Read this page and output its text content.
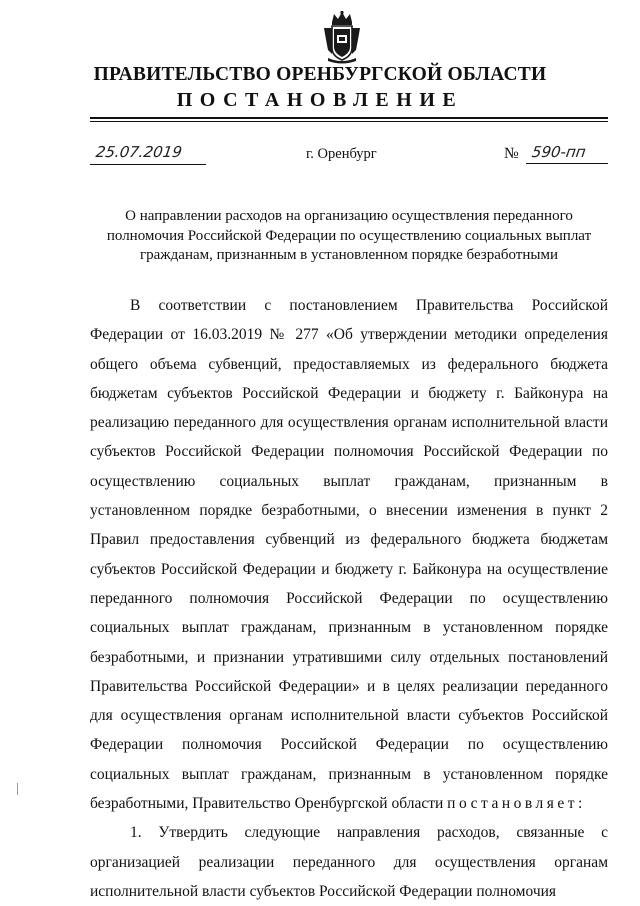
ПРАВИТЕЛЬСТВО ОРЕНБУРГСКОЙ ОБЛАСТИ
ПОСТАНОВЛЕНИЕ
25.07.2019	г. Оренбург	№ 590-пп

О направлении расходов на организацию осуществления переданного полномочия Российской Федерации по осуществлению социальных выплат гражданам, признанным в установленном порядке безработными

В соответствии с постановлением Правительства Российской Федерации от 16.03.2019 № 277 «Об утверждении методики определения общего объема субвенций, предоставляемых из федерального бюджета бюджетам субъектов Российской Федерации и бюджету г. Байконура на реализацию переданного для осуществления органам исполнительной власти субъектов Российской Федерации полномочия Российской Федерации по осуществлению социальных выплат гражданам, признанным в установленном порядке безработными, о внесении изменения в пункт 2 Правил предоставления субвенций из федерального бюджета бюджетам субъектов Российской Федерации и бюджету г. Байконура на осуществление переданного полномочия Российской Федерации по осуществлению социальных выплат гражданам, признанным в установленном порядке безработными, и признании утратившими силу отдельных постановлений Правительства Российской Федерации» и в целях реализации переданного для осуществления органам исполнительной власти субъектов Российской Федерации полномочия Российской Федерации по осуществлению социальных выплат гражданам, признанным в установленном порядке безработными, Правительство Оренбургской области постановляет:

1. Утвердить следующие направления расходов, связанные с организацией реализации переданного для осуществления органам исполнительной власти субъектов Российской Федерации полномочия
